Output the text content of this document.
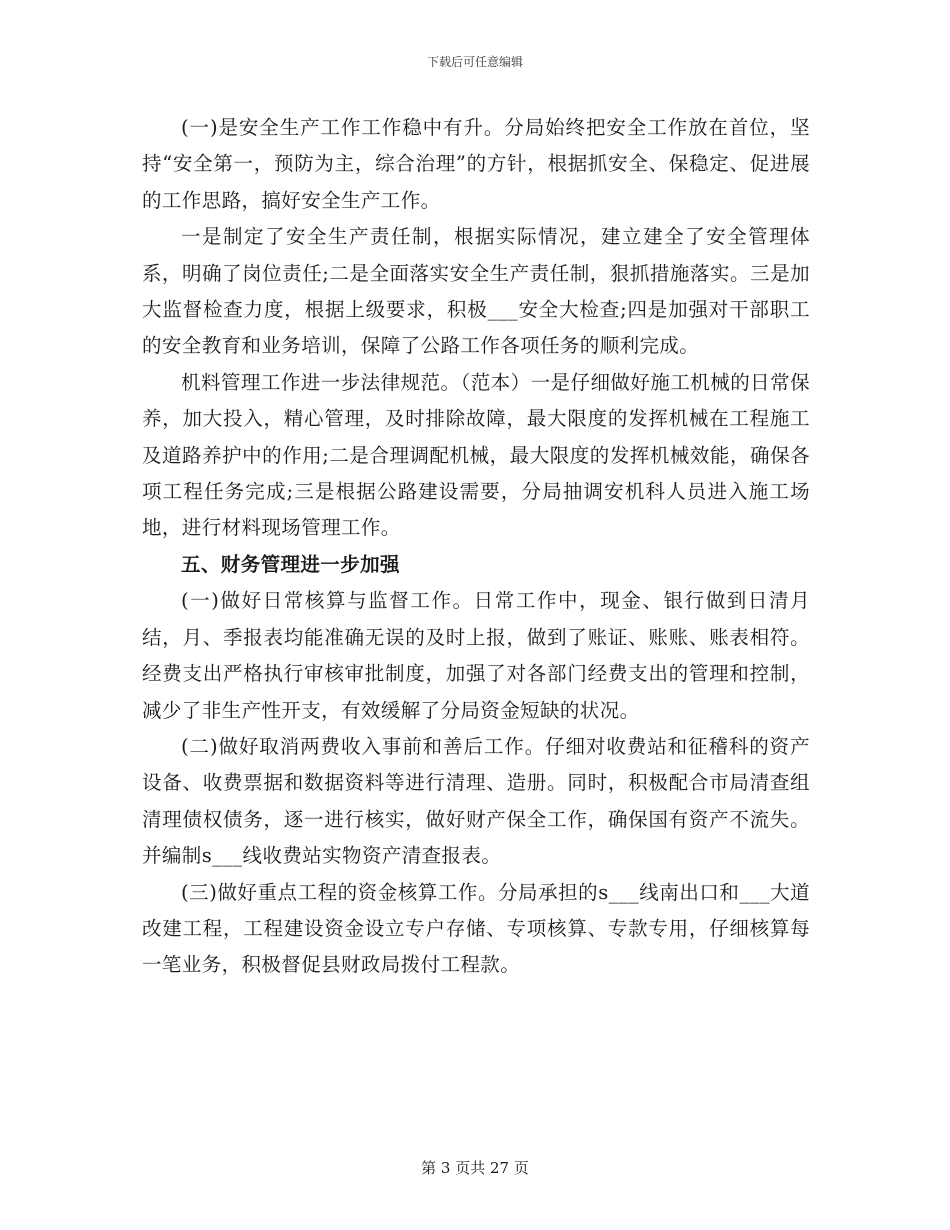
下载后可任意编辑

(一)是安全生产工作工作稳中有升。分局始终把安全工作放在首位，坚持“安全第一，预防为主，综合治理”的方针，根据抓安全、保稳定、促进展的工作思路，搞好安全生产工作。

一是制定了安全生产责任制，根据实际情况，建立建全了安全管理体系，明确了岗位责任;二是全面落实安全生产责任制，狠抓措施落实。三是加大监督检查力度，根据上级要求，积极___安全大检查;四是加强对干部职工的安全教育和业务培训，保障了公路工作各项任务的顺利完成。

机料管理工作进一步法律规范。（范本）一是仔细做好施工机械的日常保养，加大投入，精心管理，及时排除故障，最大限度的发挥机械在工程施工及道路养护中的作用;二是合理调配机械，最大限度的发挥机械效能，确保各项工程任务完成;三是根据公路建设需要，分局抽调安机科人员进入施工场地，进行材料现场管理工作。

五、财务管理进一步加强

(一)做好日常核算与监督工作。日常工作中，现金、银行做到日清月结，月、季报表均能准确无误的及时上报，做到了账证、账账、账表相符。经费支出严格执行审核审批制度，加强了对各部门经费支出的管理和控制，减少了非生产性开支，有效缓解了分局资金短缺的状况。

(二)做好取消两费收入事前和善后工作。仔细对收费站和征稽科的资产设备、收费票据和数据资料等进行清理、造册。同时，积极配合市局清查组清理债权债务，逐一进行核实，做好财产保全工作，确保国有资产不流失。并编制s___线收费站实物资产清查报表。

(三)做好重点工程的资金核算工作。分局承担的s___线南出口和___大道改建工程，工程建设资金设立专户存储、专项核算、专款专用，仔细核算每一笔业务，积极督促县财政局拨付工程款。

第 3 页共 27 页
